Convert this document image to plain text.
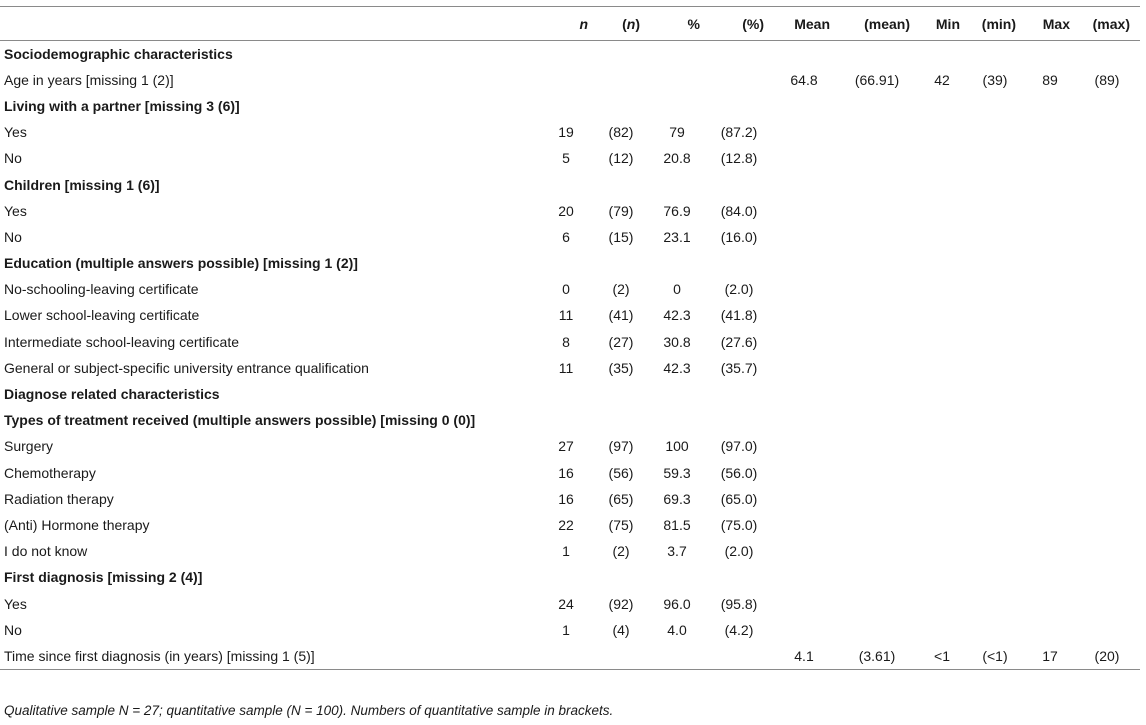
	n	(n)	%	(%)	Mean	(mean)	Min	(min)	Max	(max)
Sociodemographic characteristics										
Age in years [missing 1 (2)]					64.8	(66.91)	42	(39)	89	(89)
Living with a partner [missing 3 (6)]										
Yes	19	(82)	79	(87.2)						
No	5	(12)	20.8	(12.8)						
Children [missing 1 (6)]										
Yes	20	(79)	76.9	(84.0)						
No	6	(15)	23.1	(16.0)						
Education (multiple answers possible) [missing 1 (2)]										
No-schooling-leaving certificate	0	(2)	0	(2.0)						
Lower school-leaving certificate	11	(41)	42.3	(41.8)						
Intermediate school-leaving certificate	8	(27)	30.8	(27.6)						
General or subject-specific university entrance qualification	11	(35)	42.3	(35.7)						
Diagnose related characteristics										
Types of treatment received (multiple answers possible) [missing 0 (0)]										
Surgery	27	(97)	100	(97.0)						
Chemotherapy	16	(56)	59.3	(56.0)						
Radiation therapy	16	(65)	69.3	(65.0)						
(Anti) Hormone therapy	22	(75)	81.5	(75.0)						
I do not know	1	(2)	3.7	(2.0)						
First diagnosis [missing 2 (4)]										
Yes	24	(92)	96.0	(95.8)						
No	1	(4)	4.0	(4.2)						
Time since first diagnosis (in years) [missing 1 (5)]					4.1	(3.61)	<1	(<1)	17	(20)
Qualitative sample N = 27; quantitative sample (N = 100). Numbers of quantitative sample in brackets.
